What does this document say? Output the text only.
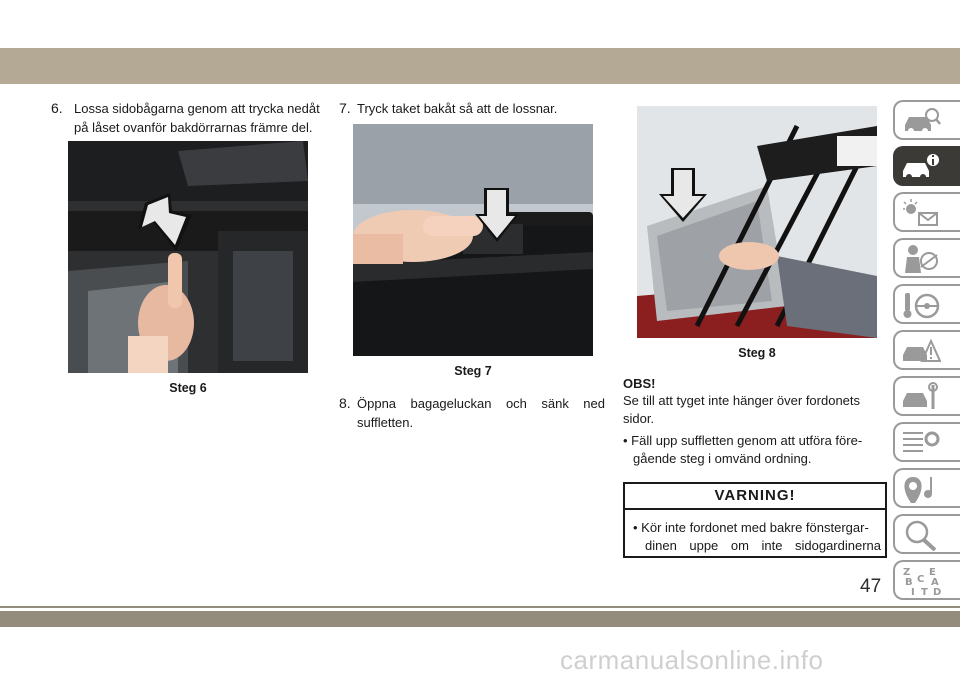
6. Lossa sidobågarna genom att trycka nedåt
på låset ovanför bakdörrarnas främre del.
Steg 6
7. Tryck taket bakåt så att de lossnar.
Steg 7
8. Öppna bagageluckan och sänk ned
suffletten.
Steg 8
OBS!
Se till att tyget inte hänger över fordonets
sidor.
• Fäll upp suffletten genom att utföra före-
gående steg i omvänd ordning.
VARNING!
• Kör inte fordonet med bakre fönstergar-
dinen uppe om inte sidogardinerna
Z E
B A
C
D
I T
47
carmanualsonline.info
